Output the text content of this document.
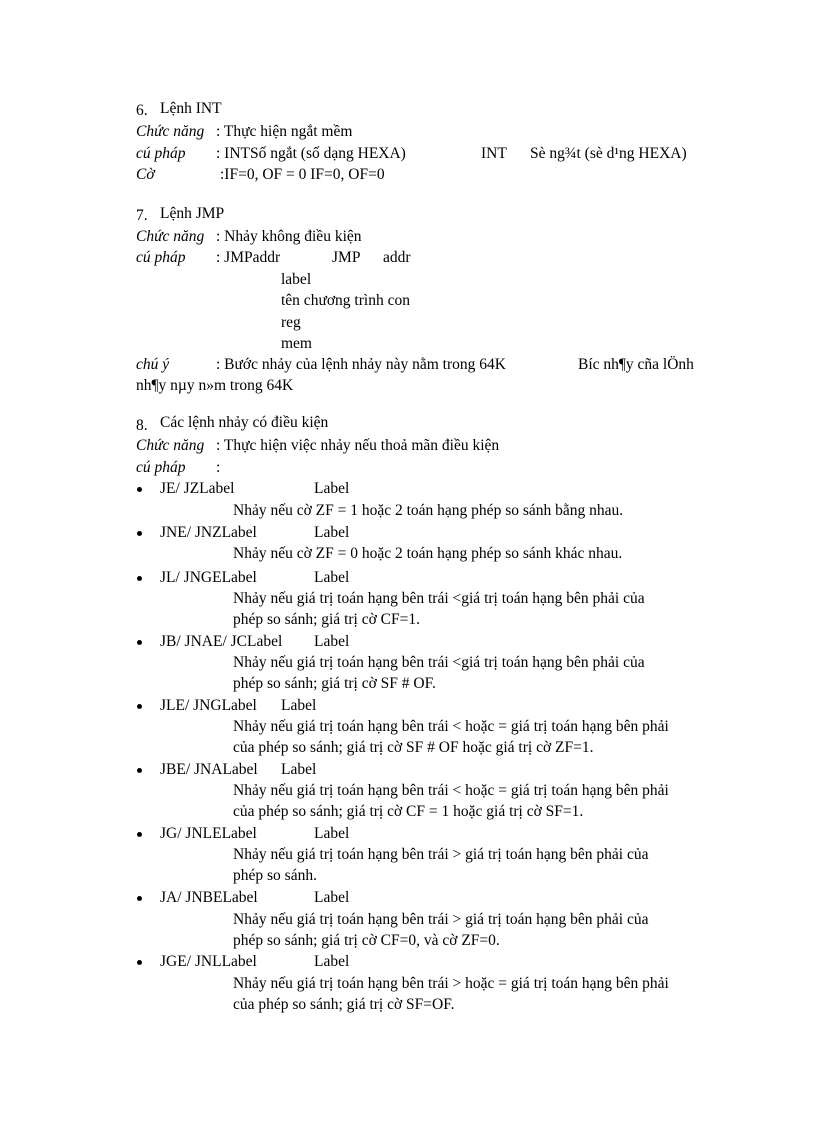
6. Lệnh INT
Chức năng : Thực hiện ngắt mềm
cú pháp : INTSố ngắt (số dạng HEXA)	INT Sè ng¾t (sè d¹ng HEXA)
Cờ	:IF=0, OF = 0 IF=0, OF=0
7. Lệnh JMP
Chức năng : Nhảy không điều kiện
cú pháp : JMPaddr	JMP addr
label
tên chương trình con
reg
mem
chú ý	: Bước nhảy của lệnh nhảy này nằm trong 64K	Bíc nh¶y cña lÖnh
nh¶y nµy n»m trong 64K
8. Các lệnh nhảy có điều kiện
Chức năng : Thực hiện việc nhảy nếu thoả mãn điều kiện
cú pháp :
JE/ JZLabel	Label
Nhảy nếu cờ ZF = 1 hoặc 2 toán hạng phép so sánh bằng nhau.
JNE/ JNZLabel	Label
Nhảy nếu cờ ZF = 0 hoặc 2 toán hạng phép so sánh khác nhau.
JL/ JNGELabel	Label
Nhảy nếu giá trị toán hạng bên trái <giá trị toán hạng bên phải của
phép so sánh; giá trị cờ CF=1.
JB/ JNAE/ JCLabel Label
Nhảy nếu giá trị toán hạng bên trái <giá trị toán hạng bên phải của
phép so sánh; giá trị cờ SF # OF.
JLE/ JNGLabel Label
Nhảy nếu giá trị toán hạng bên trái < hoặc = giá trị toán hạng bên phải
của phép so sánh; giá trị cờ SF # OF hoặc giá trị cờ ZF=1.
JBE/ JNALabel Label
Nhảy nếu giá trị toán hạng bên trái < hoặc = giá trị toán hạng bên phải
của phép so sánh; giá trị cờ CF = 1 hoặc giá trị cờ SF=1.
JG/ JNLELabel	Label
Nhảy nếu giá trị toán hạng bên trái > giá trị toán hạng bên phải của
phép so sánh.
JA/ JNBELabel	Label
Nhảy nếu giá trị toán hạng bên trái > giá trị toán hạng bên phải của
phép so sánh; giá trị cờ CF=0, và cờ ZF=0.
JGE/ JNLLabel	Label
Nhảy nếu giá trị toán hạng bên trái > hoặc = giá trị toán hạng bên phải
của phép so sánh; giá trị cờ SF=OF.
